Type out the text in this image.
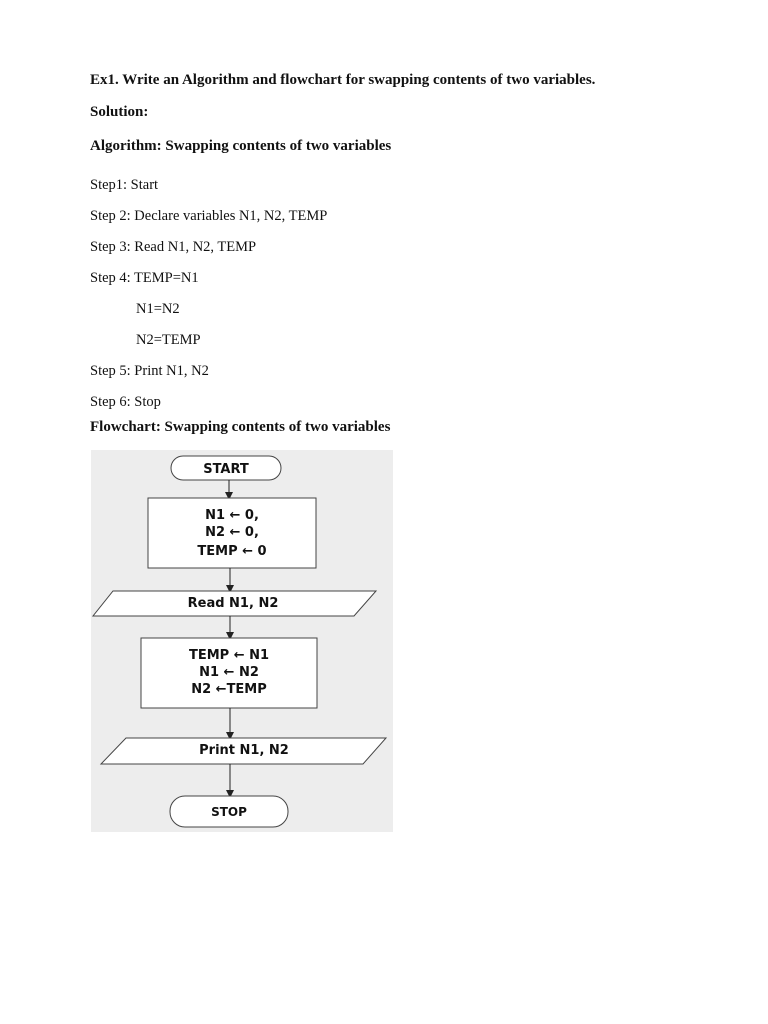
Ex1. Write an Algorithm and flowchart for swapping contents of two variables.
Solution:
Algorithm: Swapping contents of two variables
Step1: Start
Step 2: Declare variables N1, N2, TEMP
Step 3: Read N1, N2, TEMP
Step 4: TEMP=N1
N1=N2
N2=TEMP
Step 5: Print N1, N2
Step 6: Stop
Flowchart: Swapping contents of two variables
START
N1 ← 0,
N2 ← 0,
TEMP ← 0
Read N1, N2
TEMP ← N1
N1 ← N2
N2 ←TEMP
Print N1, N2
STOP
